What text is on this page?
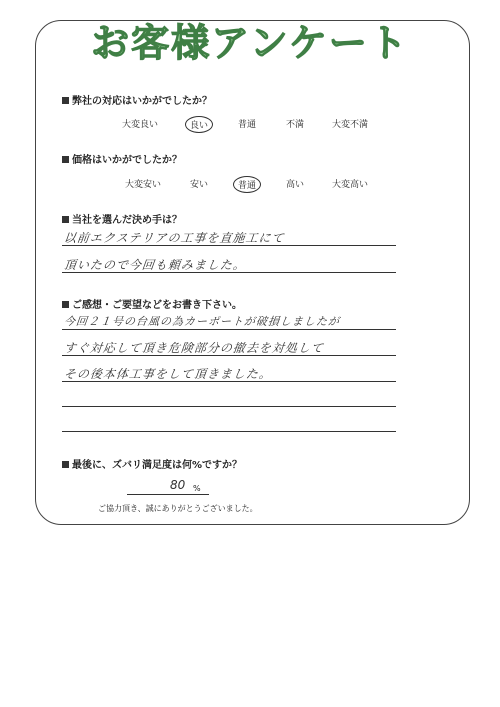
お客様アンケート
弊社の対応はいかがでしたか？
大変良い	良い	普通	不満	大変不満
価格はいかがでしたか？
大変安い	安い	普通	高い	大変高い
当社を選んだ決め手は？
以前エクステリアの工事を直施工にて
頂いたので今回も頼みました。
ご感想・ご要望などをお書き下さい。
今回２１号の台風の為カーポートが破損しましたが
すぐ対応して頂き危険部分の撤去を対処して
その後本体工事をして頂きました。
最後に、ズバリ満足度は何%ですか？
80 %
ご協力頂き、誠にありがとうございました。
